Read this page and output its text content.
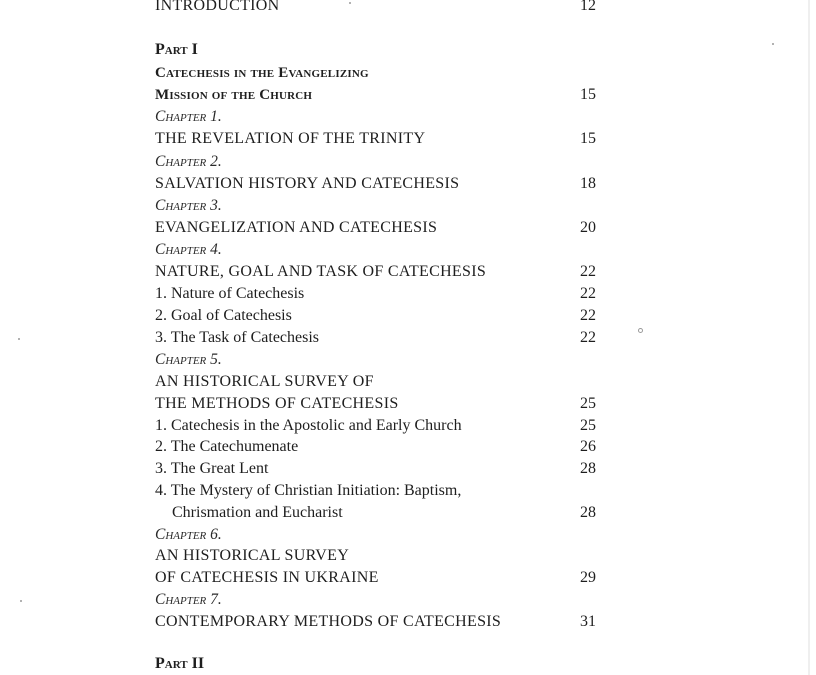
INTRODUCTION	12
Part I
Catechesis in the Evangelizing
Mission of the Church	15
Chapter 1.
THE REVELATION OF THE TRINITY	15
Chapter 2.
SALVATION HISTORY AND CATECHESIS	18
Chapter 3.
EVANGELIZATION AND CATECHESIS	20
Chapter 4.
NATURE, GOAL AND TASK OF CATECHESIS	22
1. Nature of Catechesis	22
2. Goal of Catechesis	22
3. The Task of Catechesis	22
Chapter 5.
AN HISTORICAL SURVEY OF
THE METHODS OF CATECHESIS	25
1. Catechesis in the Apostolic and Early Church	25
2. The Catechumenate	26
3. The Great Lent	28
4. The Mystery of Christian Initiation: Baptism,
Chrismation and Eucharist	28
Chapter 6.
AN HISTORICAL SURVEY
OF CATECHESIS IN UKRAINE	29
Chapter 7.
CONTEMPORARY METHODS OF CATECHESIS	31
Part II
